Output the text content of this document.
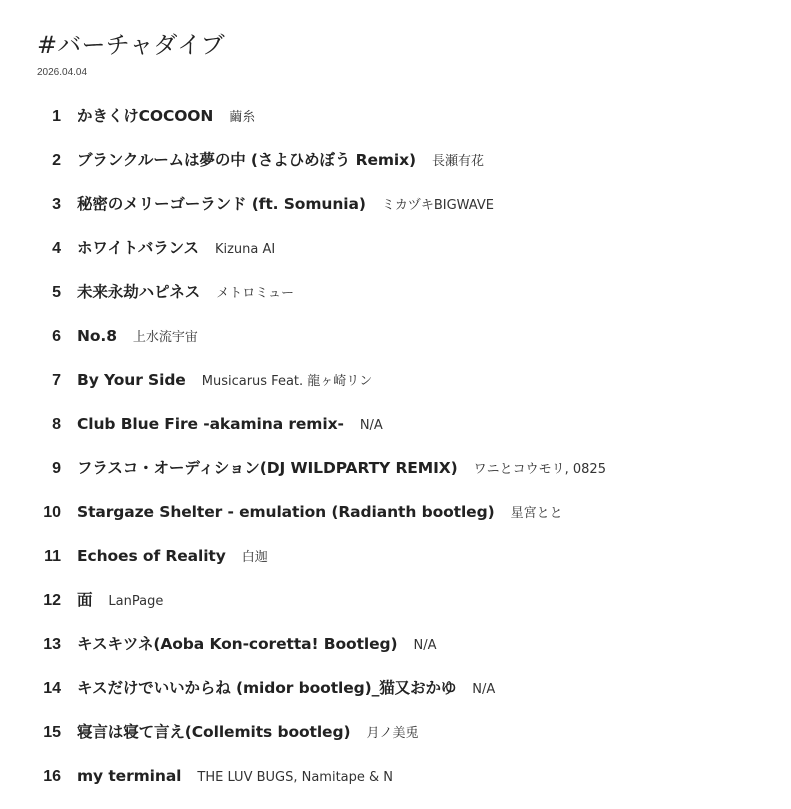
#バーチャダイブ
2026.04.04
1 かきくけCOCOON 繭糸
2 ブランクルームは夢の中 (さよひめぼう Remix) 長瀬有花
3 秘密のメリーゴーランド (ft. Somunia) ミカヅキBIGWAVE
4 ホワイトバランス Kizuna AI
5 未来永劫ハピネス メトロミュー
6 No.8 上水流宇宙
7 By Your Side Musicarus Feat. 龍ヶ崎リン
8 Club Blue Fire -akamina remix- N/A
9 フラスコ・オーディション(DJ WILDPARTY REMIX) ワニとコウモリ, 0825
10 Stargaze Shelter - emulation (Radianth bootleg) 星宮とと
11 Echoes of Reality 白迦
12 面 LanPage
13 キスキツネ(Aoba Kon-coretta! Bootleg) N/A
14 キスだけでいいからね (midor bootleg)_猫又おかゆ N/A
15 寝言は寝て言え(Collemits bootleg) 月ノ美兎
16 my terminal THE LUV BUGS, Namitape & N
